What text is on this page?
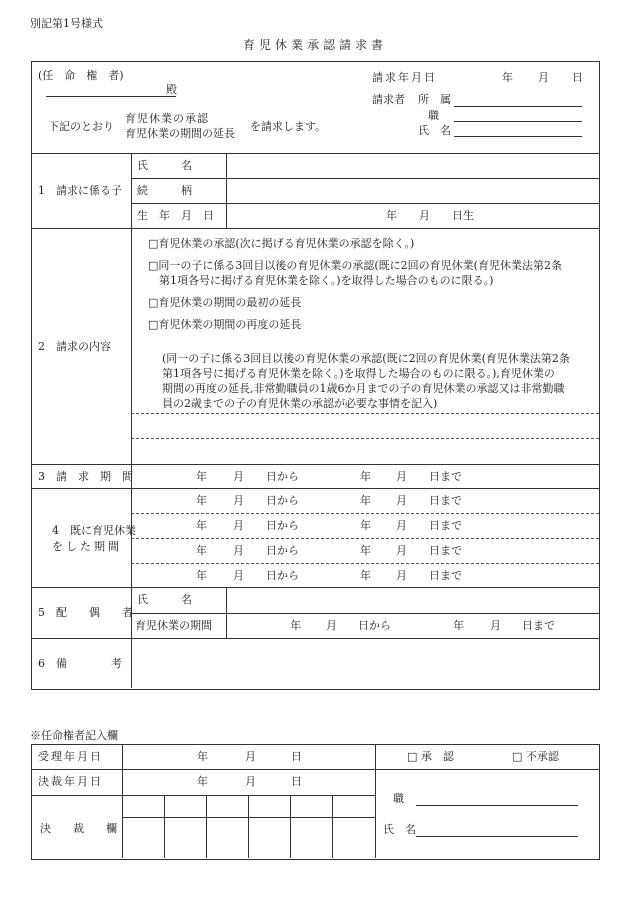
別記第1号様式
育児休業承認請求書
(任　命　権　者)
殿
請求年月日	年 月 日
請求者 所　属
職
氏　名
下記のとおり
育児休業の承認
育児休業の期間の延長
を請求します。
1　請求に係る子
氏　　　名
続　　　柄
生　年　月　日	年　　月　　日生
2　請求の内容
□育児休業の承認(次に掲げる育児休業の承認を除く。)
□同一の子に係る3回目以後の育児休業の承認(既に2回の育児休業(育児休業法第2条
第1項各号に掲げる育児休業を除く。)を取得した場合のものに限る。)
□育児休業の期間の最初の延長
□育児休業の期間の再度の延長
(同一の子に係る3回目以後の育児休業の承認(既に2回の育児休業(育児休業法第2条
第1項各号に掲げる育児休業を除く。)を取得した場合のものに限る。),育児休業の
期間の再度の延長,非常勤職員の1歳6か月までの子の育児休業の承認又は非常勤職
員の2歳までの子の育児休業の承認が必要な事情を記入)
3　請　求　期　間	年 月 日から	年 月 日まで
4　既に育児休業
をした期間
年 月 日から	年 月 日まで
年 月 日から	年 月 日まで
年 月 日から	年 月 日まで
年 月 日から	年 月 日まで
5　配　　偶　　者
氏　　　名
育児休業の期間	年 月 日から	年 月 日まで
6　備　　　　考
※任命権者記入欄
受理年月日	年	月	日
決裁年月日	年	月	日
決　　裁　　欄
□ 承　認	□ 不承認
職
氏　名
